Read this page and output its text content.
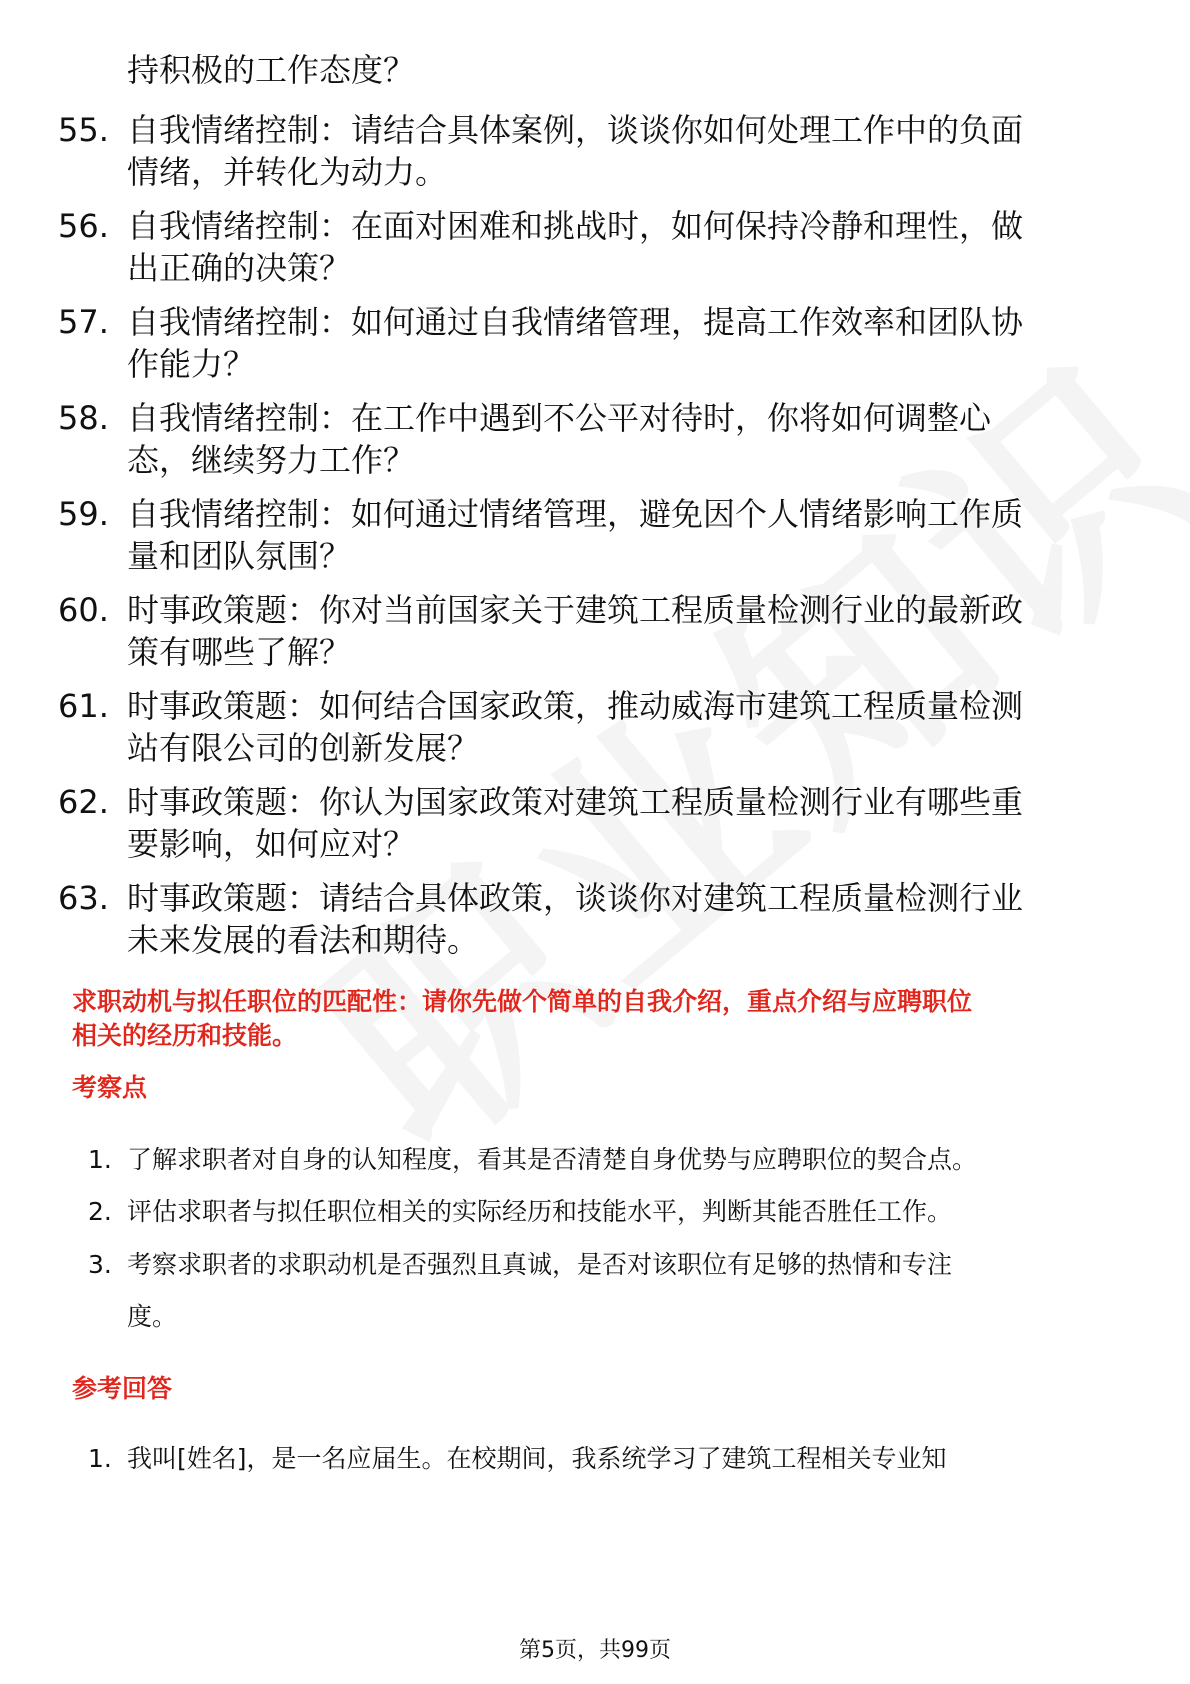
持积极的工作态度？
55. 自我情绪控制：请结合具体案例，谈谈你如何处理工作中的负面
情绪，并转化为动力。
56. 自我情绪控制：在面对困难和挑战时，如何保持冷静和理性，做
出正确的决策？
57. 自我情绪控制：如何通过自我情绪管理，提高工作效率和团队协
作能力？
58. 自我情绪控制：在工作中遇到不公平对待时，你将如何调整心
态，继续努力工作？
59. 自我情绪控制：如何通过情绪管理，避免因个人情绪影响工作质
量和团队氛围？
60. 时事政策题：你对当前国家关于建筑工程质量检测行业的最新政
策有哪些了解？
61. 时事政策题：如何结合国家政策，推动威海市建筑工程质量检测
站有限公司的创新发展？
62. 时事政策题：你认为国家政策对建筑工程质量检测行业有哪些重
要影响，如何应对？
63. 时事政策题：请结合具体政策，谈谈你对建筑工程质量检测行业
未来发展的看法和期待。
求职动机与拟任职位的匹配性：请你先做个简单的自我介绍，重点介绍与应聘职位
相关的经历和技能。
考察点
1. 了解求职者对自身的认知程度，看其是否清楚自身优势与应聘职位的契合点。
2. 评估求职者与拟任职位相关的实际经历和技能水平，判断其能否胜任工作。
3. 考察求职者的求职动机是否强烈且真诚，是否对该职位有足够的热情和专注
度。
参考回答
1. 我叫[姓名]，是一名应届生。在校期间，我系统学习了建筑工程相关专业知
第5页，共99页
